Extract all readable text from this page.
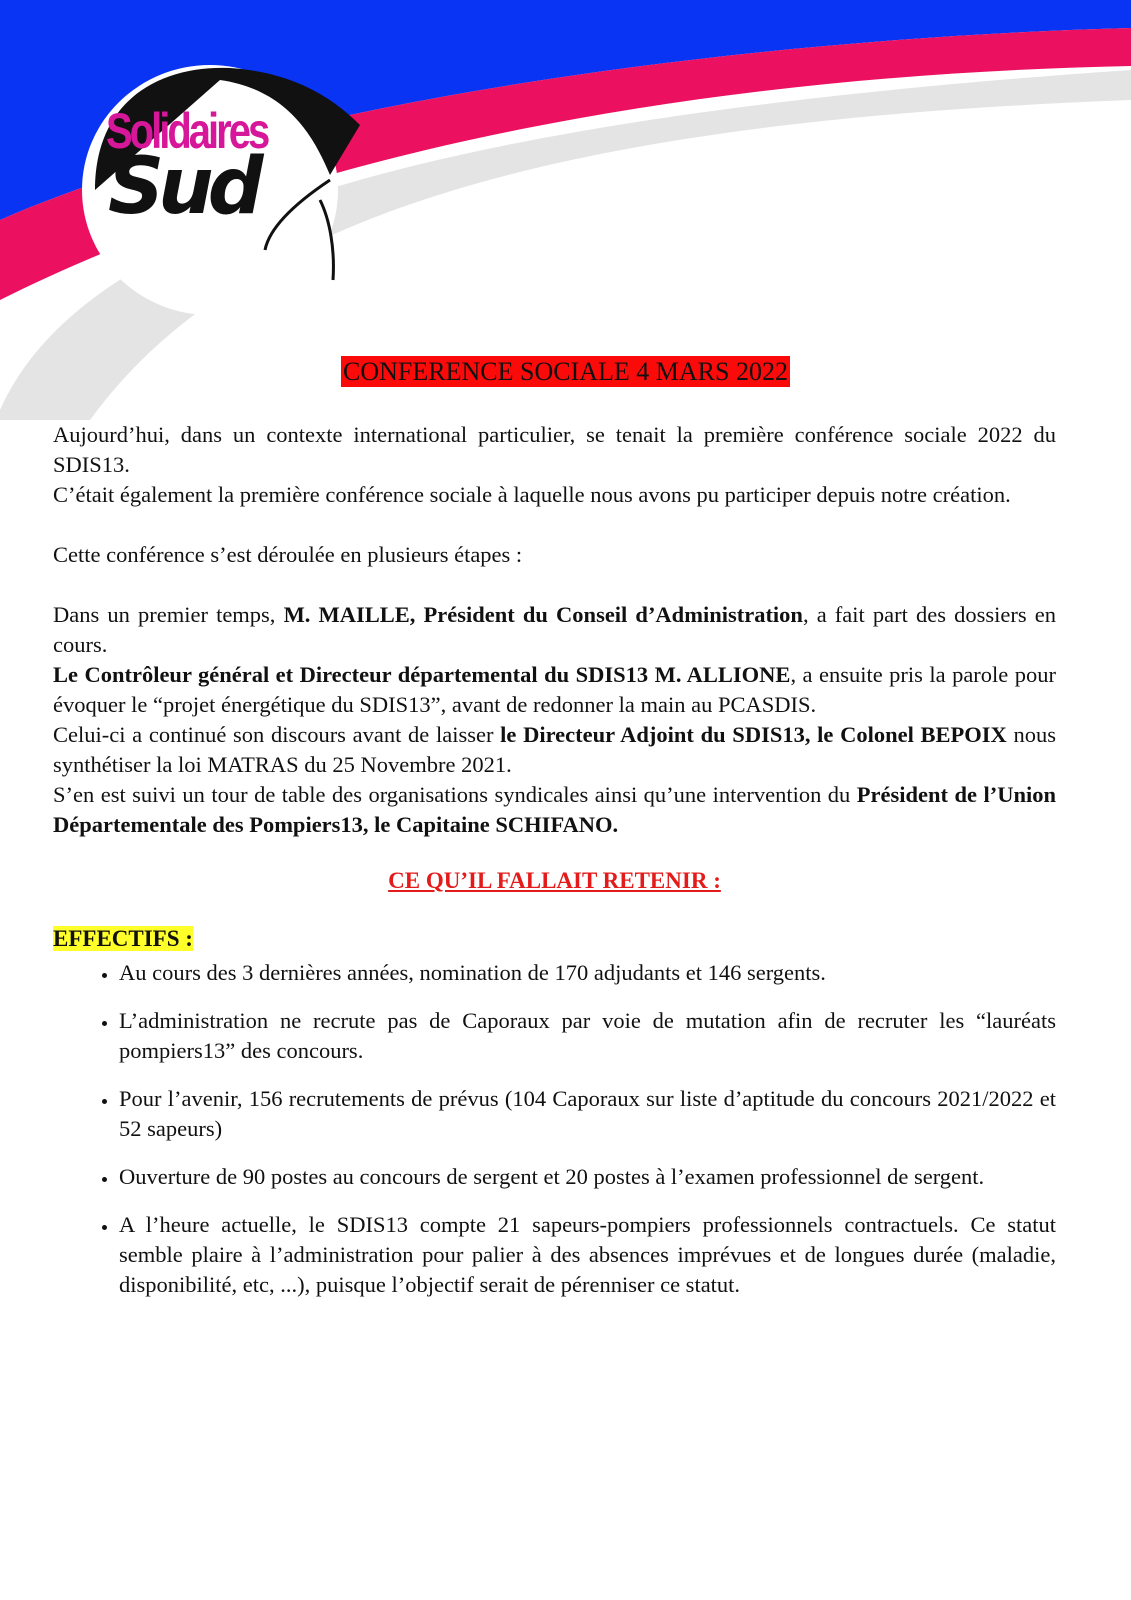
Solidaires
Sud
CONFERENCE SOCIALE 4 MARS 2022

Aujourd’hui, dans un contexte international particulier, se tenait la première conférence sociale 2022 du SDIS13.

C’était également la première conférence sociale à laquelle nous avons pu participer depuis notre création.

Cette conférence s’est déroulée en plusieurs étapes :

Dans un premier temps, M. MAILLE, Président du Conseil d’Administration, a fait part des dossiers en cours.

Le Contrôleur général et Directeur départemental du SDIS13 M. ALLIONE, a ensuite pris la parole pour évoquer le “projet énergétique du SDIS13”, avant de redonner la main au PCASDIS.

Celui-ci a continué son discours avant de laisser le Directeur Adjoint du SDIS13, le Colonel BEPOIX nous synthétiser la loi MATRAS du 25 Novembre 2021.

S’en est suivi un tour de table des organisations syndicales ainsi qu’une intervention du Président de l’Union Départementale des Pompiers13, le Capitaine SCHIFANO.

CE QU’IL FALLAIT RETENIR :
EFFECTIFS :
• Au cours des 3 dernières années, nomination de 170 adjudants et 146 sergents.
• L’administration ne recrute pas de Caporaux par voie de mutation afin de recruter les “lauréats pompiers13” des concours.
• Pour l’avenir, 156 recrutements de prévus (104 Caporaux sur liste d’aptitude du concours 2021/2022 et 52 sapeurs)
• Ouverture de 90 postes au concours de sergent et 20 postes à l’examen professionnel de sergent.
• A l’heure actuelle, le SDIS13 compte 21 sapeurs-pompiers professionnels contractuels. Ce statut semble plaire à l’administration pour palier à des absences imprévues et de longues durée (maladie, disponibilité, etc, ...), puisque l’objectif serait de pérenniser ce statut.
